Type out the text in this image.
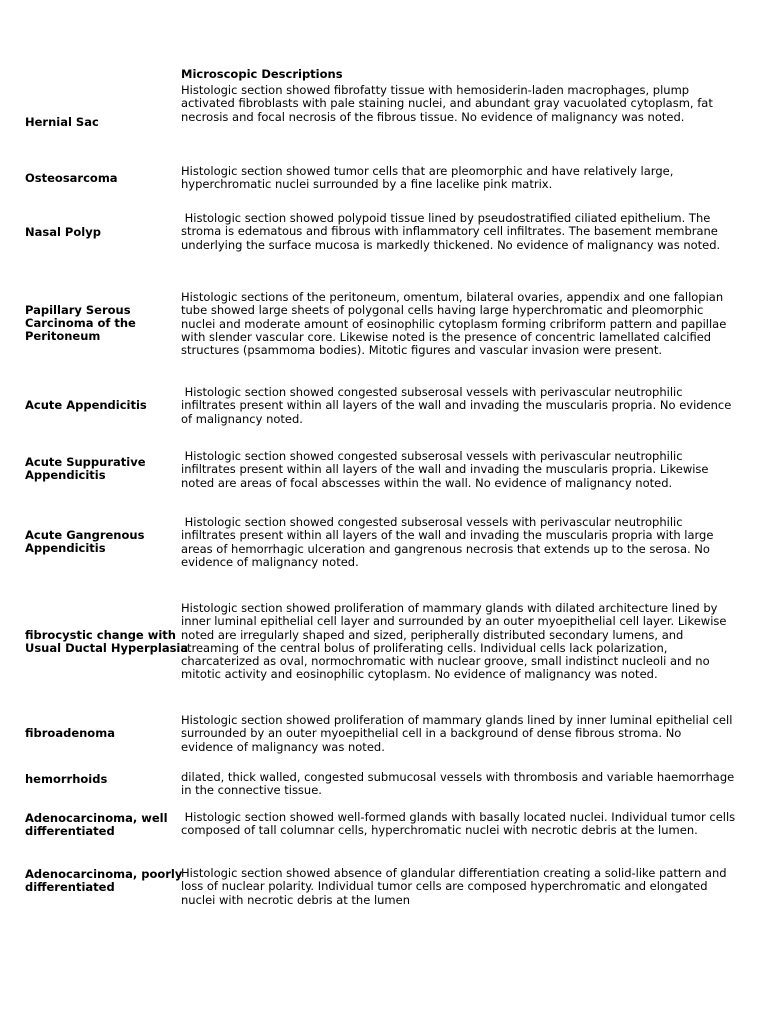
Microscopic Descriptions
Hernial Sac
Histologic section showed fibrofatty tissue with hemosiderin-laden macrophages, plump
activated fibroblasts with pale staining nuclei, and abundant gray vacuolated cytoplasm, fat
necrosis and focal necrosis of the fibrous tissue. No evidence of malignancy was noted.
Osteosarcoma	Histologic section showed tumor cells that are pleomorphic and have relatively large,
hyperchromatic nuclei surrounded by a fine lacelike pink matrix.
Nasal Polyp
Histologic section showed polypoid tissue lined by pseudostratified ciliated epithelium. The
stroma is edematous and fibrous with inflammatory cell infiltrates. The basement membrane
underlying the surface mucosa is markedly thickened. No evidence of malignancy was noted.
Papillary Serous
Carcinoma of the
Peritoneum
Histologic sections of the peritoneum, omentum, bilateral ovaries, appendix and one fallopian
tube showed large sheets of polygonal cells having large hyperchromatic and pleomorphic
nuclei and moderate amount of eosinophilic cytoplasm forming cribriform pattern and papillae
with slender vascular core. Likewise noted is the presence of concentric lamellated calcified
structures (psammoma bodies). Mitotic figures and vascular invasion were present.
Acute Appendicitis
Histologic section showed congested subserosal vessels with perivascular neutrophilic
infiltrates present within all layers of the wall and invading the muscularis propria. No evidence
of malignancy noted.
Acute Suppurative
Appendicitis
Histologic section showed congested subserosal vessels with perivascular neutrophilic
infiltrates present within all layers of the wall and invading the muscularis propria. Likewise
noted are areas of focal abscesses within the wall. No evidence of malignancy noted.
Acute Gangrenous
Appendicitis
Histologic section showed congested subserosal vessels with perivascular neutrophilic
infiltrates present within all layers of the wall and invading the muscularis propria with large
areas of hemorrhagic ulceration and gangrenous necrosis that extends up to the serosa. No
evidence of malignancy noted.
fibrocystic change with
Usual Ductal Hyperplasia
Histologic section showed proliferation of mammary glands with dilated architecture lined by
inner luminal epithelial cell layer and surrounded by an outer myoepithelial cell layer. Likewise
noted are irregularly shaped and sized, peripherally distributed secondary lumens, and
streaming of the central bolus of proliferating cells. Individual cells lack polarization,
charcaterized as oval, normochromatic with nuclear groove, small indistinct nucleoli and no
mitotic activity and eosinophilic cytoplasm. No evidence of malignancy was noted.
fibroadenoma
Histologic section showed proliferation of mammary glands lined by inner luminal epithelial cell
surrounded by an outer myoepithelial cell in a background of dense fibrous stroma. No
evidence of malignancy was noted.
hemorrhoids	dilated, thick walled, congested submucosal vessels with thrombosis and variable haemorrhage
in the connective tissue.
Adenocarcinoma, well
differentiated
Histologic section showed well-formed glands with basally located nuclei. Individual tumor cells
composed of tall columnar cells, hyperchromatic nuclei with necrotic debris at the lumen.
Adenocarcinoma, poorly
differentiated
Histologic section showed absence of glandular differentiation creating a solid-like pattern and
loss of nuclear polarity. Individual tumor cells are composed hyperchromatic and elongated
nuclei with necrotic debris at the lumen
